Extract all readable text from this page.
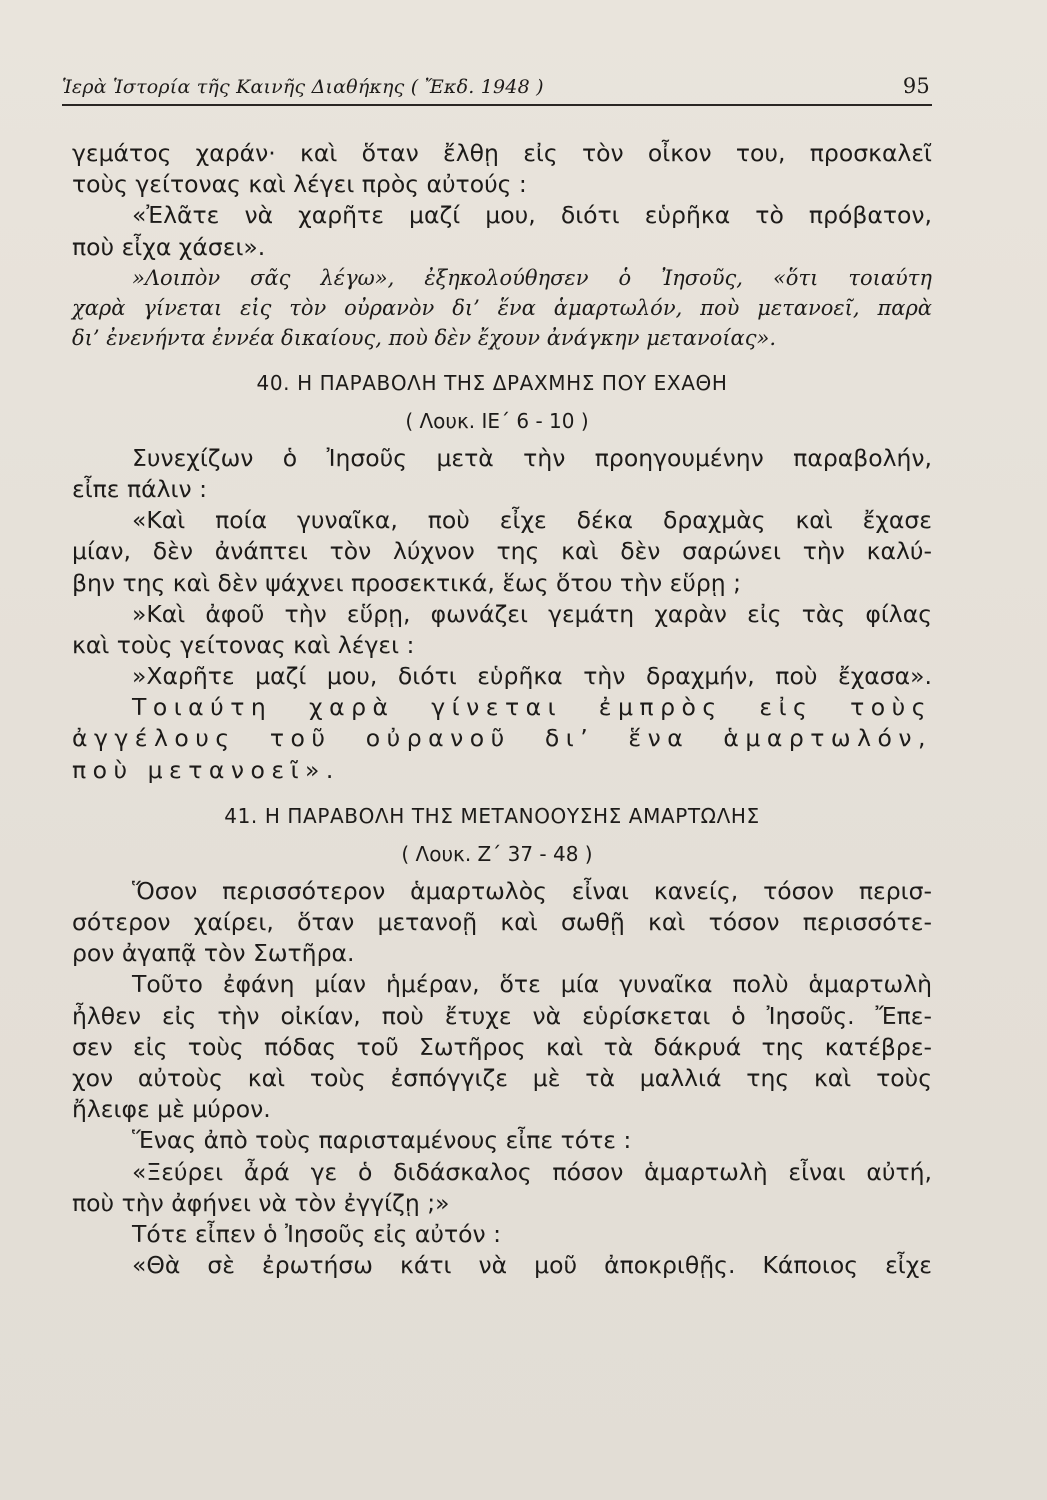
Ἱερὰ Ἱστορία τῆς Καινῆς Διαθήκης ( Ἔκδ. 1948 )	95
γεμάτος χαράν· καὶ ὅταν ἔλθῃ εἰς τὸν οἶκον του, προσκαλεῖ
τοὺς γείτονας καὶ λέγει πρὸς αὐτούς :
«Ἐλᾶτε νὰ χαρῆτε μαζί μου, διότι εὑρῆκα τὸ πρόβατον,
ποὺ εἶχα χάσει».
»Λοιπὸν σᾶς λέγω», ἐξηκολούθησεν ὁ Ἰησοῦς, «ὅτι τοιαύτη
χαρὰ γίνεται εἰς τὸν οὐρανὸν δι’ ἕνα ἁμαρτωλόν, ποὺ μετανοεῖ, παρὰ
δι’ ἐνενήντα ἐννέα δικαίους, ποὺ δὲν ἔχουν ἀνάγκην μετανοίας».
40. Η ΠΑΡΑΒΟΛΗ ΤΗΣ ΔΡΑΧΜΗΣ ΠΟΥ ΕΧΑΘΗ
( Λουκ. ΙΕ΄ 6 - 10 )
Συνεχίζων ὁ Ἰησοῦς μετὰ τὴν προηγουμένην παραβολήν,
εἶπε πάλιν :
«Καὶ ποία γυναῖκα, ποὺ εἶχε δέκα δραχμὰς καὶ ἔχασε
μίαν, δὲν ἀνάπτει τὸν λύχνον της καὶ δὲν σαρώνει τὴν καλύ-
βην της καὶ δὲν ψάχνει προσεκτικά, ἕως ὅτου τὴν εὕρῃ ;
»Καὶ ἀφοῦ τὴν εὕρῃ, φωνάζει γεμάτη χαρὰν εἰς τὰς φίλας
καὶ τοὺς γείτονας καὶ λέγει :
»Χαρῆτε μαζί μου, διότι εὑρῆκα τὴν δραχμήν, ποὺ ἔχασα».
Τοιαύτη χαρὰ γίνεται ἐμπρὸς εἰς τοὺς
ἀγγέλους τοῦ οὐρανοῦ δι’ ἕνα ἁμαρτωλόν,
ποὺ μετανοεῖ».
41. Η ΠΑΡΑΒΟΛΗ ΤΗΣ ΜΕΤΑΝΟΟΥΣΗΣ ΑΜΑΡΤΩΛΗΣ
( Λουκ. Ζ΄ 37 - 48 )
Ὅσον περισσότερον ἁμαρτωλὸς εἶναι κανείς, τόσον περισ-
σότερον χαίρει, ὅταν μετανοῇ καὶ σωθῇ καὶ τόσον περισσότε-
ρον ἀγαπᾷ τὸν Σωτῆρα.
Τοῦτο ἐφάνη μίαν ἡμέραν, ὅτε μία γυναῖκα πολὺ ἁμαρτωλὴ
ἦλθεν εἰς τὴν οἰκίαν, ποὺ ἔτυχε νὰ εὑρίσκεται ὁ Ἰησοῦς. Ἔπε-
σεν εἰς τοὺς πόδας τοῦ Σωτῆρος καὶ τὰ δάκρυά της κατέβρε-
χον αὐτοὺς καὶ τοὺς ἐσπόγγιζε μὲ τὰ μαλλιά της καὶ τοὺς
ἤλειφε μὲ μύρον.
Ἕνας ἀπὸ τοὺς παρισταμένους εἶπε τότε :
«Ξεύρει ἆρά γε ὁ διδάσκαλος πόσον ἁμαρτωλὴ εἶναι αὐτή,
ποὺ τὴν ἀφήνει νὰ τὸν ἐγγίζῃ ;»
Τότε εἶπεν ὁ Ἰησοῦς εἰς αὐτόν :
«Θὰ σὲ ἐρωτήσω κάτι νὰ μοῦ ἀποκριθῇς. Κάποιος εἶχε
